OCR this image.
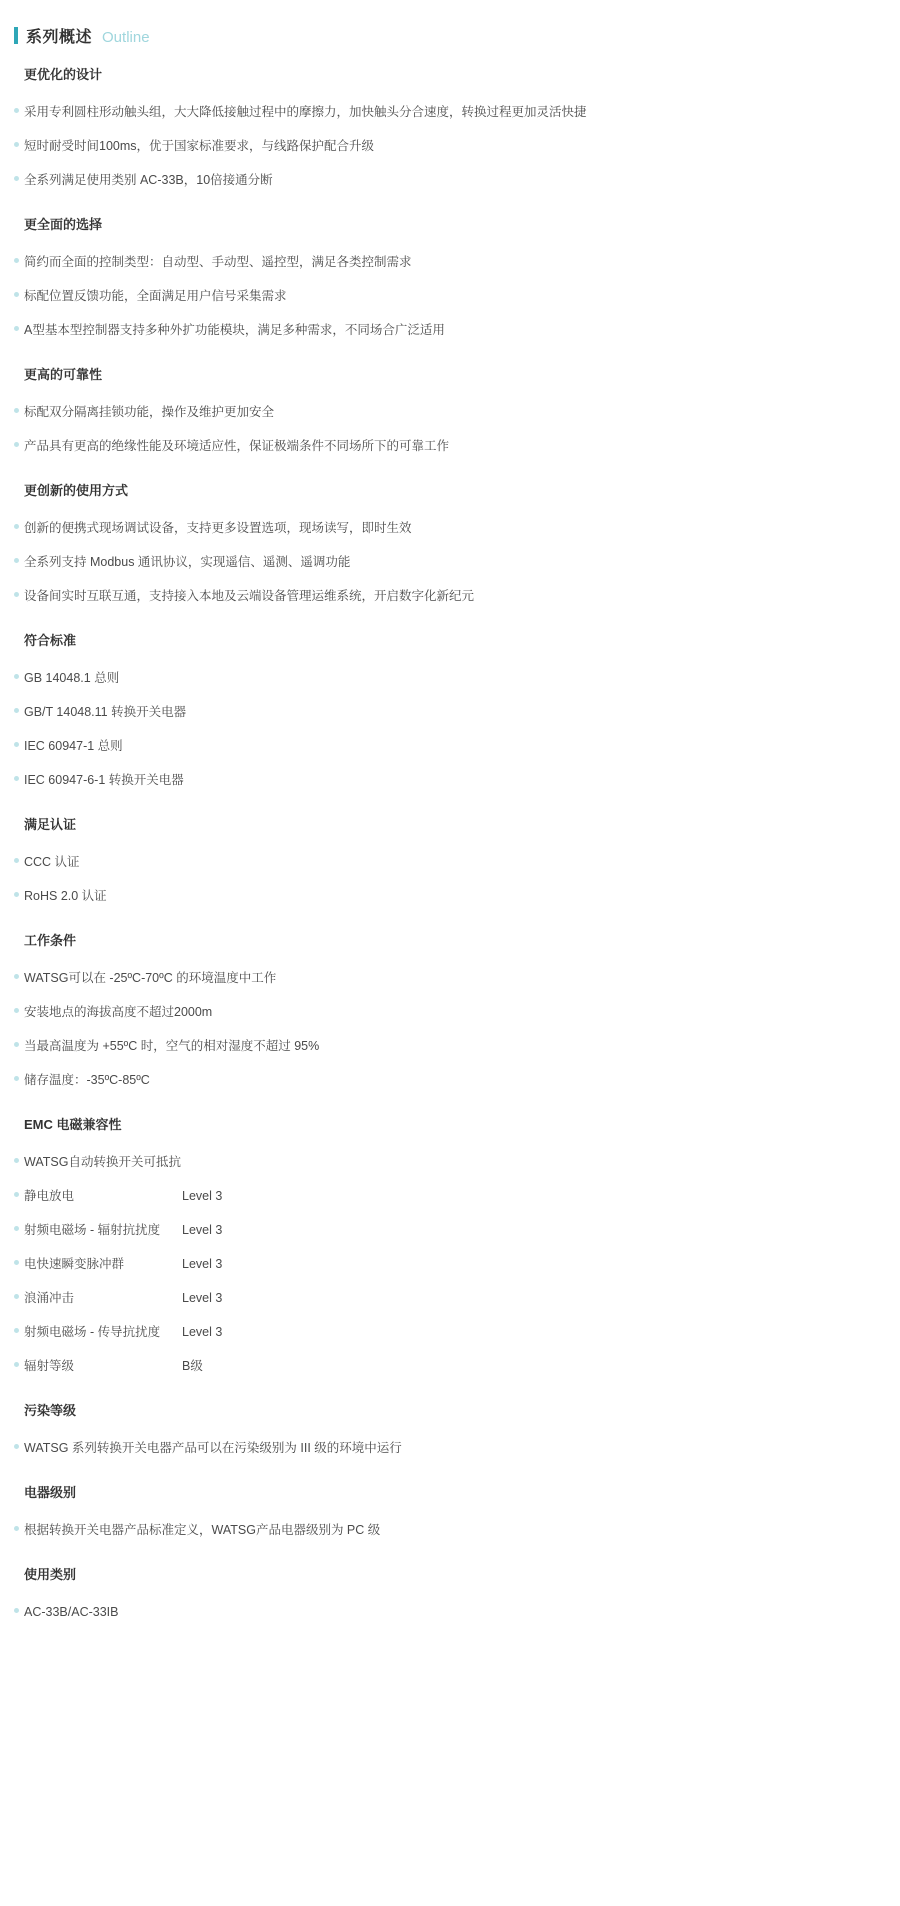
系列概述 Outline
更优化的设计
采用专利圆柱形动触头组，大大降低接触过程中的摩擦力，加快触头分合速度，转换过程更加灵活快捷
短时耐受时间100ms，优于国家标准要求，与线路保护配合升级
全系列满足使用类别 AC-33B，10倍接通分断
更全面的选择
简约而全面的控制类型：自动型、手动型、遥控型，满足各类控制需求
标配位置反馈功能，全面满足用户信号采集需求
A型基本型控制器支持多种外扩功能模块，满足多种需求，不同场合广泛适用
更高的可靠性
标配双分隔离挂锁功能，操作及维护更加安全
产品具有更高的绝缘性能及环境适应性，保证极端条件不同场所下的可靠工作
更创新的使用方式
创新的便携式现场调试设备，支持更多设置选项，现场读写，即时生效
全系列支持 Modbus 通讯协议，实现遥信、遥测、遥调功能
设备间实时互联互通，支持接入本地及云端设备管理运维系统，开启数字化新纪元
符合标准
GB 14048.1 总则
GB/T 14048.11 转换开关电器
IEC 60947-1 总则
IEC 60947-6-1 转换开关电器
满足认证
CCC 认证
RoHS 2.0 认证
工作条件
WATSG可以在 -25ºC-70ºC 的环境温度中工作
安装地点的海拔高度不超过2000m
当最高温度为 +55ºC 时，空气的相对湿度不超过 95%
储存温度：-35ºC-85ºC
EMC 电磁兼容性
WATSG自动转换开关可抵抗
静电放电	Level 3
射频电磁场 - 辐射抗扰度	Level 3
电快速瞬变脉冲群	Level 3
浪涌冲击	Level 3
射频电磁场 - 传导抗扰度	Level 3
辐射等级	B级
污染等级
WATSG 系列转换开关电器产品可以在污染级别为 III 级的环境中运行
电器级别
根据转换开关电器产品标准定义，WATSG产品电器级别为 PC 级
使用类别
AC-33B/AC-33IB
